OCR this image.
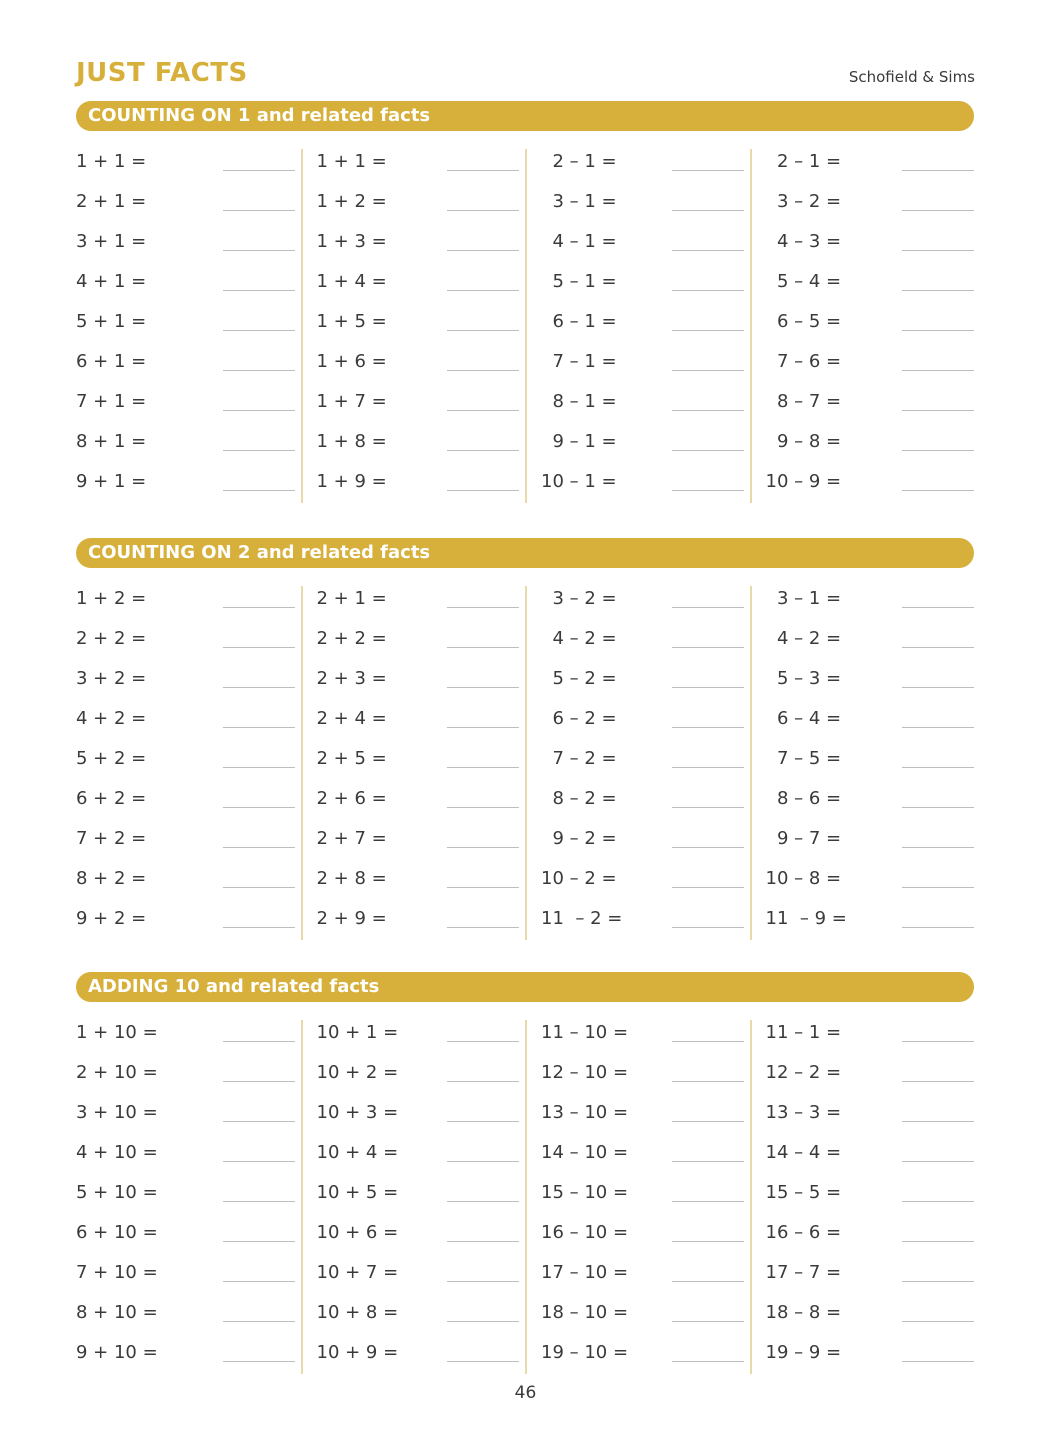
JUST FACTS	Schofield & Sims
COUNTING ON 1 and related facts
1 + 1 =
2 + 1 =
3 + 1 =
4 + 1 =
5 + 1 =
6 + 1 =
7 + 1 =
8 + 1 =
9 + 1 =
1 + 1 =
1 + 2 =
1 + 3 =
1 + 4 =
1 + 5 =
1 + 6 =
1 + 7 =
1 + 8 =
1 + 9 =
2 – 1 =
3 – 1 =
4 – 1 =
5 – 1 =
6 – 1 =
7 – 1 =
8 – 1 =
9 – 1 =
10 – 1 =
2 – 1 =
3 – 2 =
4 – 3 =
5 – 4 =
6 – 5 =
7 – 6 =
8 – 7 =
9 – 8 =
10 – 9 =
COUNTING ON 2 and related facts
1 + 2 =
2 + 2 =
3 + 2 =
4 + 2 =
5 + 2 =
6 + 2 =
7 + 2 =
8 + 2 =
9 + 2 =
2 + 1 =
2 + 2 =
2 + 3 =
2 + 4 =
2 + 5 =
2 + 6 =
2 + 7 =
2 + 8 =
2 + 9 =
3 – 2 =
4 – 2 =
5 – 2 =
6 – 2 =
7 – 2 =
8 – 2 =
9 – 2 =
10 – 2 =
11  – 2 =
3 – 1 =
4 – 2 =
5 – 3 =
6 – 4 =
7 – 5 =
8 – 6 =
9 – 7 =
10 – 8 =
11  – 9 =
ADDING 10 and related facts
1 + 10 =
2 + 10 =
3 + 10 =
4 + 10 =
5 + 10 =
6 + 10 =
7 + 10 =
8 + 10 =
9 + 10 =
10 + 1 =
10 + 2 =
10 + 3 =
10 + 4 =
10 + 5 =
10 + 6 =
10 + 7 =
10 + 8 =
10 + 9 =
11 – 10 =
12 – 10 =
13 – 10 =
14 – 10 =
15 – 10 =
16 – 10 =
17 – 10 =
18 – 10 =
19 – 10 =
11 – 1 =
12 – 2 =
13 – 3 =
14 – 4 =
15 – 5 =
16 – 6 =
17 – 7 =
18 – 8 =
19 – 9 =
46
